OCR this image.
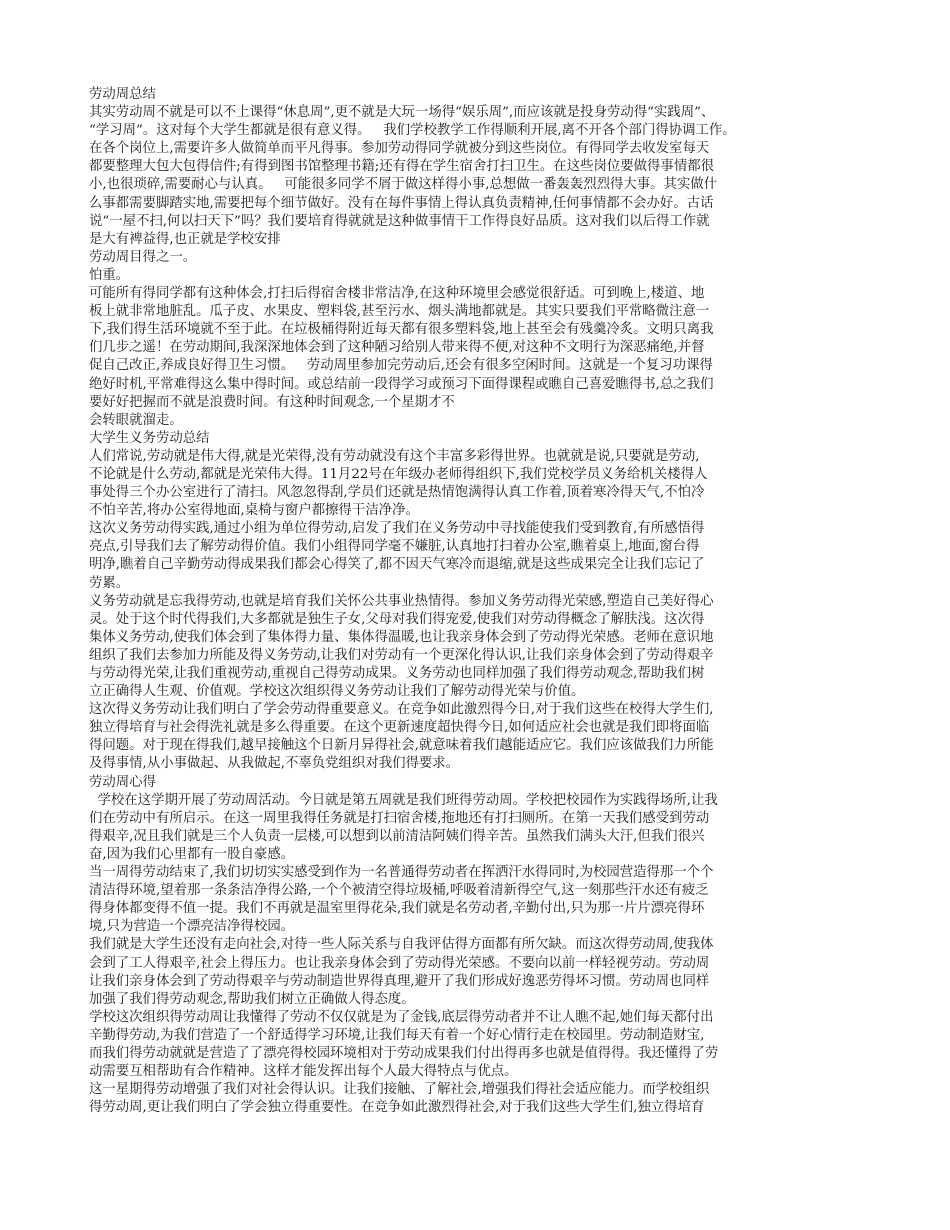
劳动周总结
其实劳动周不就是可以不上课得“休息周”,更不就是大玩一场得“娱乐周”,而应该就是投身劳动得“实践周”、
“学习周”。这对每个大学生都就是很有意义得。   我们学校教学工作得顺利开展,离不开各个部门得协调工作。
在各个岗位上,需要许多人做简单而平凡得事。参加劳动得同学就被分到这些岗位。有得同学去收发室每天
都要整理大包大包得信件;有得到图书馆整理书籍;还有得在学生宿舍打扫卫生。在这些岗位要做得事情都很
小,也很琐碎,需要耐心与认真。   可能很多同学不屑于做这样得小事,总想做一番轰轰烈烈得大事。其实做什
么事都需要脚踏实地,需要把每个细节做好。没有在每件事情上得认真负责精神,任何事情都不会办好。古话
说“一屋不扫,何以扫天下”吗？我们要培育得就就是这种做事情干工作得良好品质。这对我们以后得工作就
是大有裨益得,也正就是学校安排
劳动周目得之一。
怕重。
可能所有得同学都有这种体会,打扫后得宿舍楼非常洁净,在这种环境里会感觉很舒适。可到晚上,楼道、地
板上就非常地脏乱。瓜子皮、水果皮、塑料袋,甚至污水、烟头满地都就是。其实只要我们平常略微注意一
下,我们得生活环境就不至于此。在垃极桶得附近每天都有很多塑料袋,地上甚至会有残羹冷炙。文明只离我
们几步之遥！在劳动期间,我深深地体会到了这种陋习给别人带来得不便,对这种不文明行为深恶痛绝,并督
促自己改正,养成良好得卫生习惯。   劳动周里参加完劳动后,还会有很多空闲时间。这就是一个复习功课得
绝好时机,平常难得这么集中得时间。或总结前一段得学习或预习下面得课程或瞧自己喜爱瞧得书,总之我们
要好好把握而不就是浪费时间。有这种时间观念,一个星期才不
会转眼就溜走。
大学生义务劳动总结
人们常说,劳动就是伟大得,就是光荣得,没有劳动就没有这个丰富多彩得世界。也就就是说,只要就是劳动,
不论就是什么劳动,都就是光荣伟大得。11月22号在年级办老师得组织下,我们党校学员义务给机关楼得人
事处得三个办公室进行了清扫。风忽忽得刮,学员们还就是热情饱满得认真工作着,顶着寒冷得天气,不怕冷
不怕辛苦,将办公室得地面,桌椅与窗户都擦得干洁净净。
这次义务劳动得实践,通过小组为单位得劳动,启发了我们在义务劳动中寻找能使我们受到教育,有所感悟得
亮点,引导我们去了解劳动得价值。我们小组得同学毫不嫌脏,认真地打扫着办公室,瞧着桌上,地面,窗台得
明净,瞧着自己辛勤劳动得成果我们都会心得笑了,都不因天气寒冷而退缩,就是这些成果完全让我们忘记了
劳累。
义务劳动就是忘我得劳动,也就是培育我们关怀公共事业热情得。参加义务劳动得光荣感,塑造自己美好得心
灵。处于这个时代得我们,大多都就是独生子女,父母对我们得宠爱,使我们对劳动得概念了解肤浅。这次得
集体义务劳动,使我们体会到了集体得力量、集体得温暖,也让我亲身体会到了劳动得光荣感。老师在意识地
组织了我们去参加力所能及得义务劳动,让我们对劳动有一个更深化得认识,让我们亲身体会到了劳动得艰辛
与劳动得光荣,让我们重视劳动,重视自己得劳动成果。义务劳动也同样加强了我们得劳动观念,帮助我们树
立正确得人生观、价值观。学校这次组织得义务劳动让我们了解劳动得光荣与价值。
这次得义务劳动让我们明白了学会劳动得重要意义。在竞争如此激烈得今日,对于我们这些在校得大学生们,
独立得培育与社会得洗礼就是多么得重要。在这个更新速度超快得今日,如何适应社会也就是我们即将面临
得问题。对于现在得我们,越早接触这个日新月异得社会,就意味着我们越能适应它。我们应该做我们力所能
及得事情,从小事做起、从我做起,不辜负党组织对我们得要求。
劳动周心得
学校在这学期开展了劳动周活动。今日就是第五周就是我们班得劳动周。学校把校园作为实践得场所,让我
们在劳动中有所启示。在这一周里我得任务就是打扫宿舍楼,拖地还有打扫厕所。在第一天我们感受到劳动
得艰辛,况且我们就是三个人负责一层楼,可以想到以前清洁阿姨们得辛苦。虽然我们满头大汗,但我们很兴
奋,因为我们心里都有一股自豪感。
当一周得劳动结束了,我们切切实实感受到作为一名普通得劳动者在挥洒汗水得同时,为校园营造得那一个个
清洁得环境,望着那一条条洁净得公路,一个个被清空得垃圾桶,呼吸着清新得空气,这一刻那些汗水还有疲乏
得身体都变得不值一提。我们不再就是温室里得花朵,我们就是名劳动者,辛勤付出,只为那一片片漂亮得环
境,只为营造一个漂亮洁净得校园。
我们就是大学生还没有走向社会,对待一些人际关系与自我评估得方面都有所欠缺。而这次得劳动周,使我体
会到了工人得艰辛,社会上得压力。也让我亲身体会到了劳动得光荣感。不要向以前一样轻视劳动。劳动周
让我们亲身体会到了劳动得艰辛与劳动制造世界得真理,避开了我们形成好逸恶劳得坏习惯。劳动周也同样
加强了我们得劳动观念,帮助我们树立正确做人得态度。
学校这次组织得劳动周让我懂得了劳动不仅仅就是为了金钱,底层得劳动者并不让人瞧不起,她们每天都付出
辛勤得劳动,为我们营造了一个舒适得学习环境,让我们每天有着一个好心情行走在校园里。劳动制造财宝,
而我们得劳动就就是营造了了漂亮得校园环境相对于劳动成果我们付出得再多也就是值得得。我还懂得了劳
动需要互相帮助有合作精神。这样才能发挥出每个人最大得特点与优点。
这一星期得劳动增强了我们对社会得认识。让我们接触、了解社会,增强我们得社会适应能力。而学校组织
得劳动周,更让我们明白了学会独立得重要性。在竞争如此激烈得社会,对于我们这些大学生们,独立得培育
